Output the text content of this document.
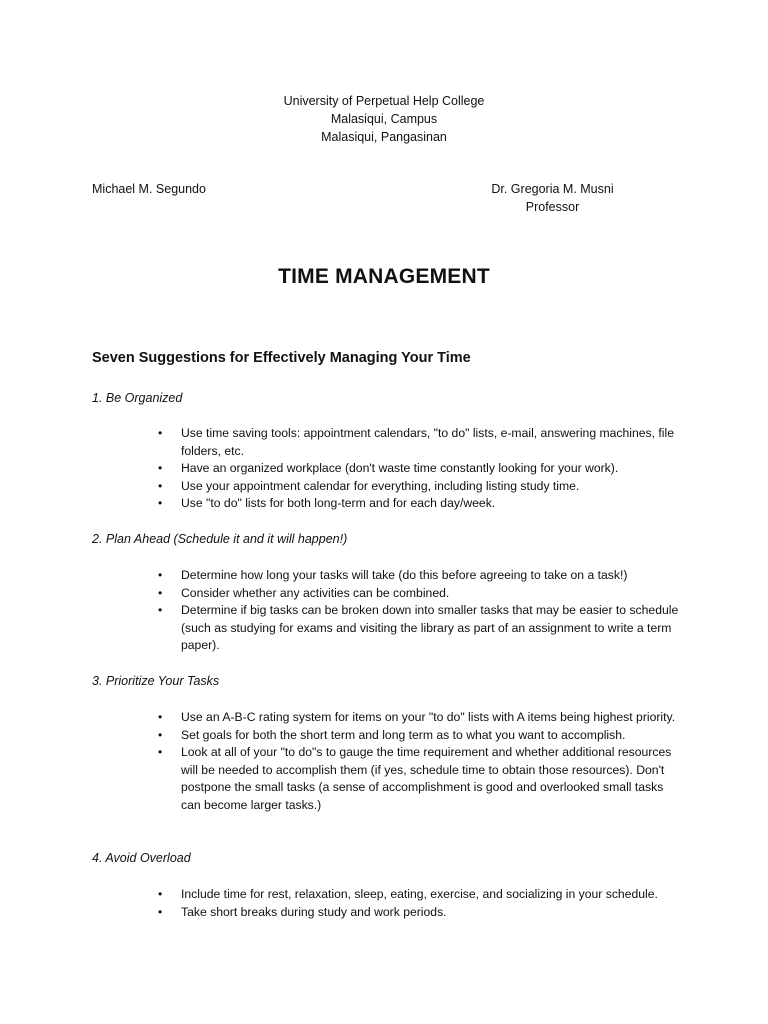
University of Perpetual Help College
Malasiqui, Campus
Malasiqui, Pangasinan
Michael M. Segundo	Dr. Gregoria M. Musni
Professor
TIME MANAGEMENT
Seven Suggestions for Effectively Managing Your Time
1. Be Organized
• Use time saving tools: appointment calendars, "to do" lists, e-mail, answering machines, file folders, etc.
• Have an organized workplace (don't waste time constantly looking for your work).
• Use your appointment calendar for everything, including listing study time.
• Use "to do" lists for both long-term and for each day/week.
2. Plan Ahead (Schedule it and it will happen!)
• Determine how long your tasks will take (do this before agreeing to take on a task!)
• Consider whether any activities can be combined.
• Determine if big tasks can be broken down into smaller tasks that may be easier to schedule (such as studying for exams and visiting the library as part of an assignment to write a term paper).
3. Prioritize Your Tasks
• Use an A-B-C rating system for items on your "to do" lists with A items being highest priority.
• Set goals for both the short term and long term as to what you want to accomplish.
• Look at all of your "to do"s to gauge the time requirement and whether additional resources will be needed to accomplish them (if yes, schedule time to obtain those resources). Don't postpone the small tasks (a sense of accomplishment is good and overlooked small tasks can become larger tasks.)
4. Avoid Overload
• Include time for rest, relaxation, sleep, eating, exercise, and socializing in your schedule.
• Take short breaks during study and work periods.
